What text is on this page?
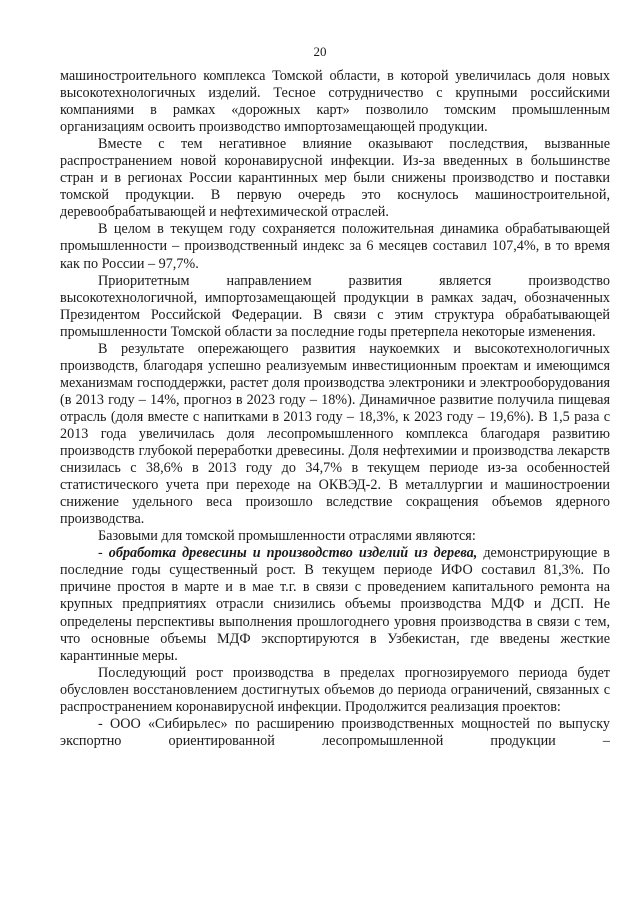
20

машиностроительного комплекса Томской области, в которой увеличилась доля новых высокотехнологичных изделий. Тесное сотрудничество с крупными российскими компаниями в рамках «дорожных карт» позволило томским промышленным организациям освоить производство импортозамещающей продукции.

Вместе с тем негативное влияние оказывают последствия, вызванные распространением новой коронавирусной инфекции. Из-за введенных в большинстве стран и в регионах России карантинных мер были снижены производство и поставки томской продукции. В первую очередь это коснулось машиностроительной, деревообрабатывающей и нефтехимической отраслей.

В целом в текущем году сохраняется положительная динамика обрабатывающей промышленности – производственный индекс за 6 месяцев составил 107,4%, в то время как по России – 97,7%.

Приоритетным направлением развития является производство высокотехнологичной, импортозамещающей продукции в рамках задач, обозначенных Президентом Российской Федерации. В связи с этим структура обрабатывающей промышленности Томской области за последние годы претерпела некоторые изменения.

В результате опережающего развития наукоемких и высокотехнологичных производств, благодаря успешно реализуемым инвестиционным проектам и имеющимся механизмам господдержки, растет доля производства электроники и электрооборудования (в 2013 году – 14%, прогноз в 2023 году – 18%). Динамичное развитие получила пищевая отрасль (доля вместе с напитками в 2013 году – 18,3%, к 2023 году – 19,6%). В 1,5 раза с 2013 года увеличилась доля лесопромышленного комплекса благодаря развитию производств глубокой переработки древесины. Доля нефтехимии и производства лекарств снизилась с 38,6% в 2013 году до 34,7% в текущем периоде из-за особенностей статистического учета при переходе на ОКВЭД-2. В металлургии и машиностроении снижение удельного веса произошло вследствие сокращения объемов ядерного производства.

Базовыми для томской промышленности отраслями являются:

- обработка древесины и производство изделий из дерева, демонстрирующие в последние годы существенный рост. В текущем периоде ИФО составил 81,3%. По причине простоя в марте и в мае т.г. в связи с проведением капитального ремонта на крупных предприятиях отрасли снизились объемы производства МДФ и ДСП. Не определены перспективы выполнения прошлогоднего уровня производства в связи с тем, что основные объемы МДФ экспортируются в Узбекистан, где введены жесткие карантинные меры.

Последующий рост производства в пределах прогнозируемого периода будет обусловлен восстановлением достигнутых объемов до периода ограничений, связанных с распространением коронавирусной инфекции. Продолжится реализация проектов:

- ООО «Сибирьлес» по расширению производственных мощностей по выпуску экспортно ориентированной лесопромышленной продукции –
